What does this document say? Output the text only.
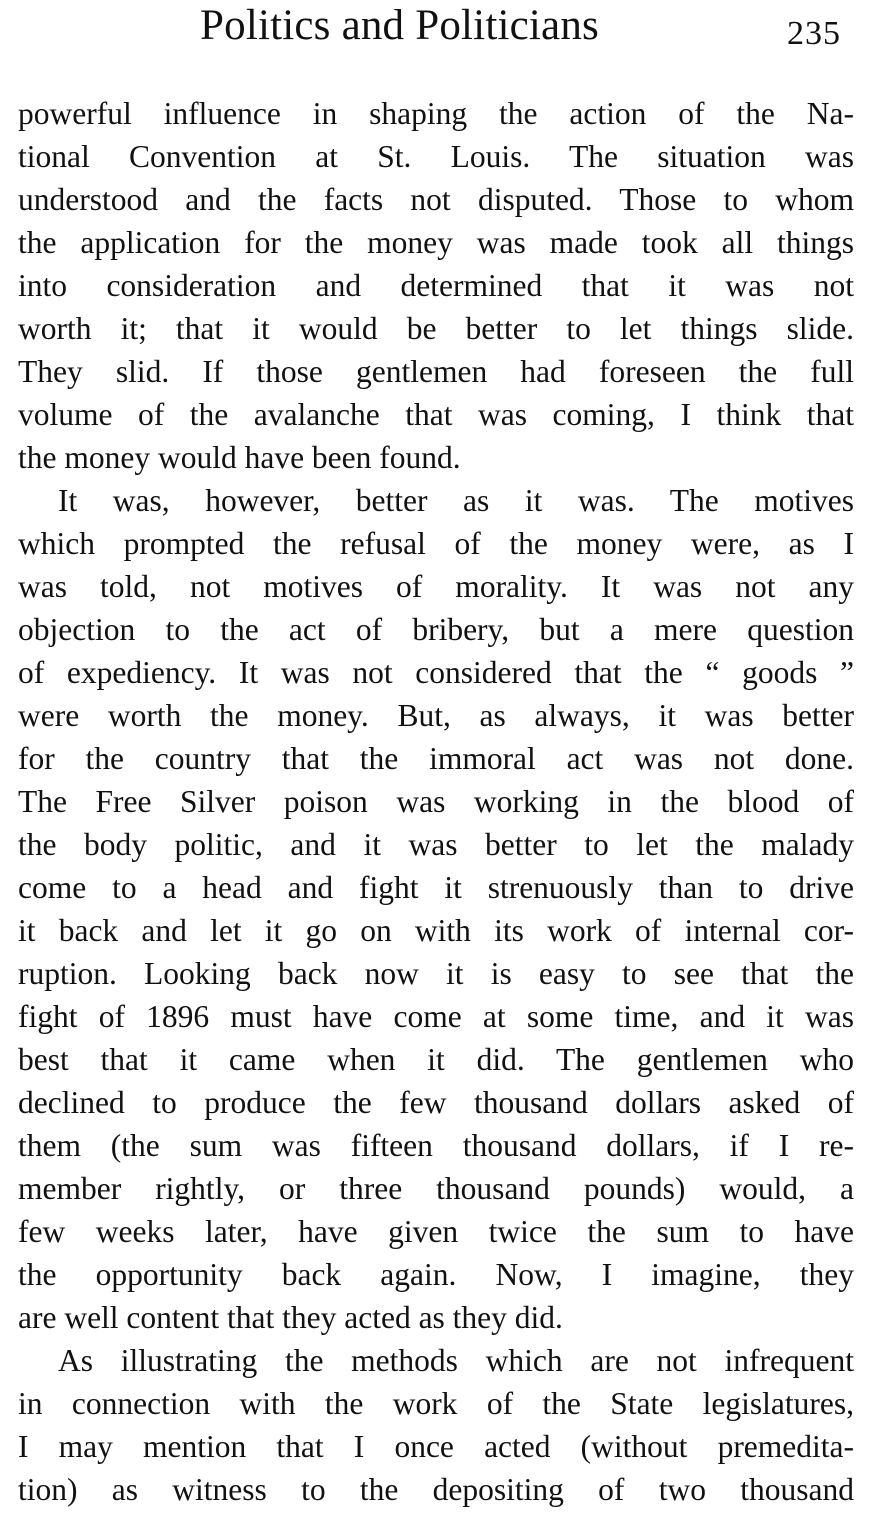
Politics and Politicians	235
powerful influence in shaping the action of the Na-
tional Convention at St. Louis. The situation was
understood and the facts not disputed. Those to whom
the application for the money was made took all things
into consideration and determined that it was not
worth it; that it would be better to let things slide.
They slid. If those gentlemen had foreseen the full
volume of the avalanche that was coming, I think that
the money would have been found.
It was, however, better as it was. The motives
which prompted the refusal of the money were, as I
was told, not motives of morality. It was not any
objection to the act of bribery, but a mere question
of expediency. It was not considered that the “ goods ”
were worth the money. But, as always, it was better
for the country that the immoral act was not done.
The Free Silver poison was working in the blood of
the body politic, and it was better to let the malady
come to a head and fight it strenuously than to drive
it back and let it go on with its work of internal cor-
ruption. Looking back now it is easy to see that the
fight of 1896 must have come at some time, and it was
best that it came when it did. The gentlemen who
declined to produce the few thousand dollars asked of
them (the sum was fifteen thousand dollars, if I re-
member rightly, or three thousand pounds) would, a
few weeks later, have given twice the sum to have
the opportunity back again. Now, I imagine, they
are well content that they acted as they did.
As illustrating the methods which are not infrequent
in connection with the work of the State legislatures,
I may mention that I once acted (without premedita-
tion) as witness to the depositing of two thousand
